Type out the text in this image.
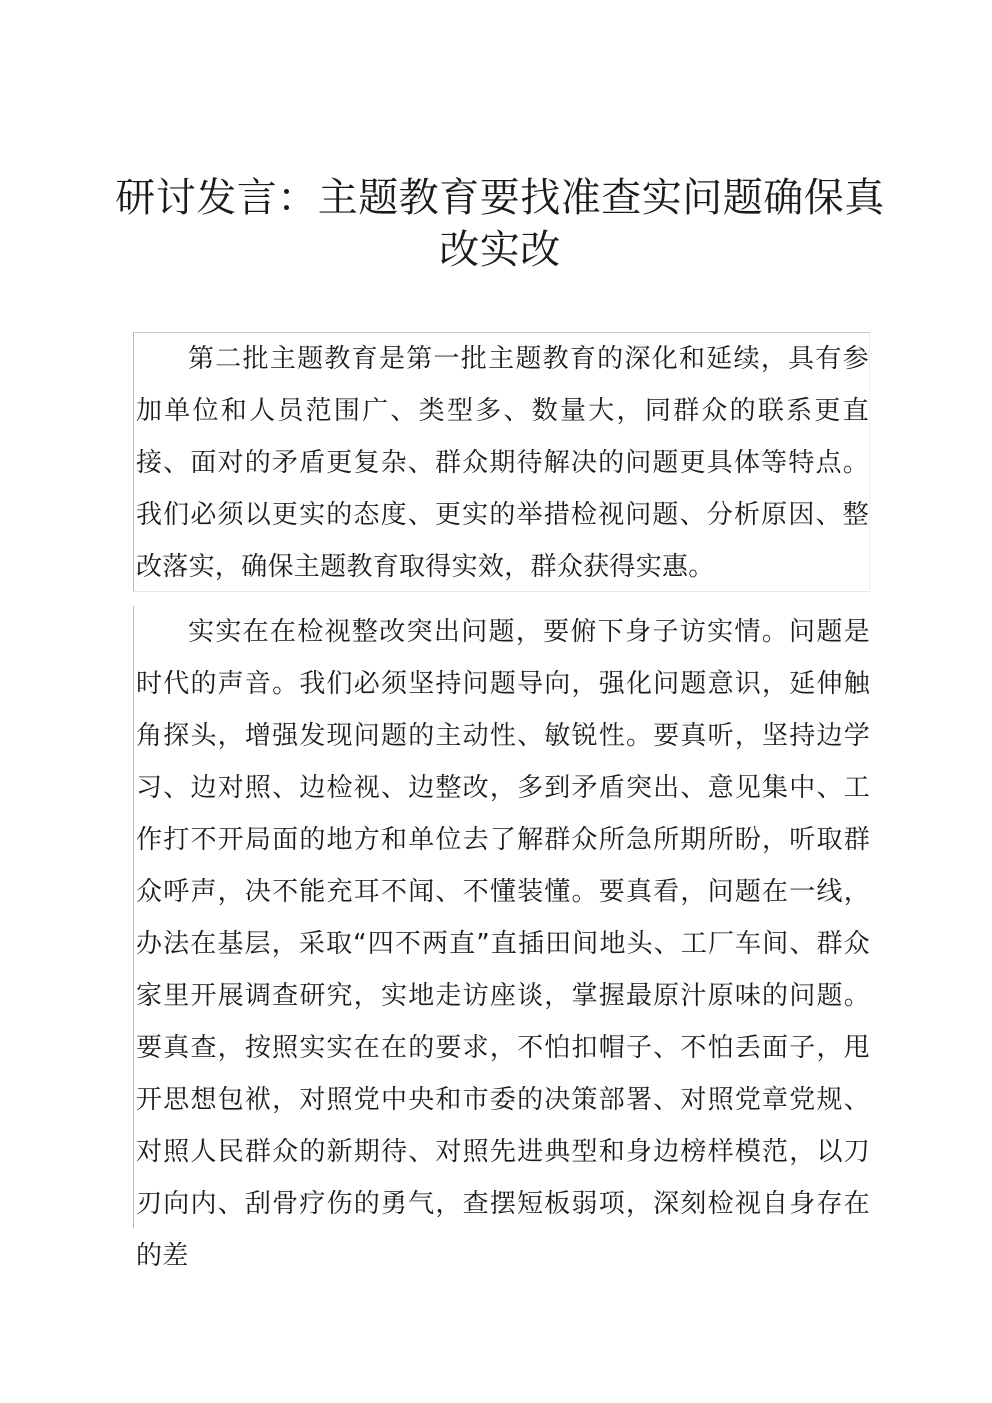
研讨发言：主题教育要找准查实问题确保真改实改

第二批主题教育是第一批主题教育的深化和延续，具有参加单位和人员范围广、类型多、数量大，同群众的联系更直接、面对的矛盾更复杂、群众期待解决的问题更具体等特点。我们必须以更实的态度、更实的举措检视问题、分析原因、整改落实，确保主题教育取得实效，群众获得实惠。

实实在在检视整改突出问题，要俯下身子访实情。问题是时代的声音。我们必须坚持问题导向，强化问题意识，延伸触角探头，增强发现问题的主动性、敏锐性。要真听，坚持边学习、边对照、边检视、边整改，多到矛盾突出、意见集中、工作打不开局面的地方和单位去了解群众所急所期所盼，听取群众呼声，决不能充耳不闻、不懂装懂。要真看，问题在一线，办法在基层，采取“四不两直”直插田间地头、工厂车间、群众家里开展调查研究，实地走访座谈，掌握最原汁原味的问题。要真查，按照实实在在的要求，不怕扣帽子、不怕丢面子，甩开思想包袱，对照党中央和市委的决策部署、对照党章党规、对照人民群众的新期待、对照先进典型和身边榜样模范，以刀刃向内、刮骨疗伤的勇气，查摆短板弱项，深刻检视自身存在的差
